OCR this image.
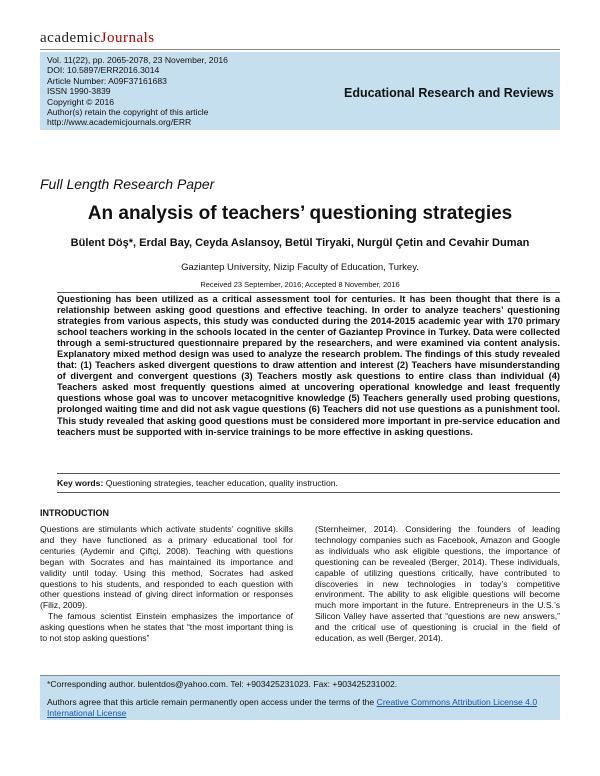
academicJournals
Vol. 11(22), pp. 2065-2078, 23 November, 2016
DOI: 10.5897/ERR2016.3014
Article Number: A09F37161683
ISSN 1990-3839
Copyright © 2016
Author(s) retain the copyright of this article
http://www.academicjournals.org/ERR
Educational Research and Reviews
Full Length Research Paper
An analysis of teachers’ questioning strategies
Bülent Döş*, Erdal Bay, Ceyda Aslansoy, Betül Tiryaki, Nurgül Çetin and Cevahir Duman
Gaziantep University, Nizip Faculty of Education, Turkey.
Received 23 September, 2016; Accepted 8 November, 2016

Questioning has been utilized as a critical assessment tool for centuries. It has been thought that there is a relationship between asking good questions and effective teaching. In order to analyze teachers’ questioning strategies from various aspects, this study was conducted during the 2014-2015 academic year with 170 primary school teachers working in the schools located in the center of Gaziantep Province in Turkey. Data were collected through a semi-structured questionnaire prepared by the researchers, and were examined via content analysis. Explanatory mixed method design was used to analyze the research problem. The findings of this study revealed that: (1) Teachers asked divergent questions to draw attention and interest (2) Teachers have misunderstanding of divergent and convergent questions (3) Teachers mostly ask questions to entire class than individual (4) Teachers asked most frequently questions aimed at uncovering operational knowledge and least frequently questions whose goal was to uncover metacognitive knowledge (5) Teachers generally used probing questions, prolonged waiting time and did not ask vague questions (6) Teachers did not use questions as a punishment tool. This study revealed that asking good questions must be considered more important in pre-service education and teachers must be supported with in-service trainings to be more effective in asking questions.

Key words: Questioning strategies, teacher education, quality instruction.
INTRODUCTION

Questions are stimulants which activate students’ cognitive skills and they have functioned as a primary educational tool for centuries (Aydemir and Çiftçi, 2008). Teaching with questions began with Socrates and has maintained its importance and validity until today. Using this method, Socrates had asked questions to his students, and responded to each question with other questions instead of giving direct information or responses (Filiz, 2009).

The famous scientist Einstein emphasizes the importance of asking questions when he states that “the most important thing is to not stop asking questions”

(Sternheimer, 2014). Considering the founders of leading technology companies such as Facebook, Amazon and Google as individuals who ask eligible questions, the importance of questioning can be revealed (Berger, 2014). These individuals, capable of utilizing questions critically, have contributed to discoveries in new technologies in today’s competitive environment. The ability to ask eligible questions will become much more important in the future. Entrepreneurs in the U.S.’s Silicon Valley have asserted that “questions are new answers,” and the critical use of questioning is crucial in the field of education, as well (Berger, 2014).

*Corresponding author. bulentdos@yahoo.com. Tel: +903425231023. Fax: +903425231002.
Authors agree that this article remain permanently open access under the terms of the Creative Commons Attribution License 4.0 International License
